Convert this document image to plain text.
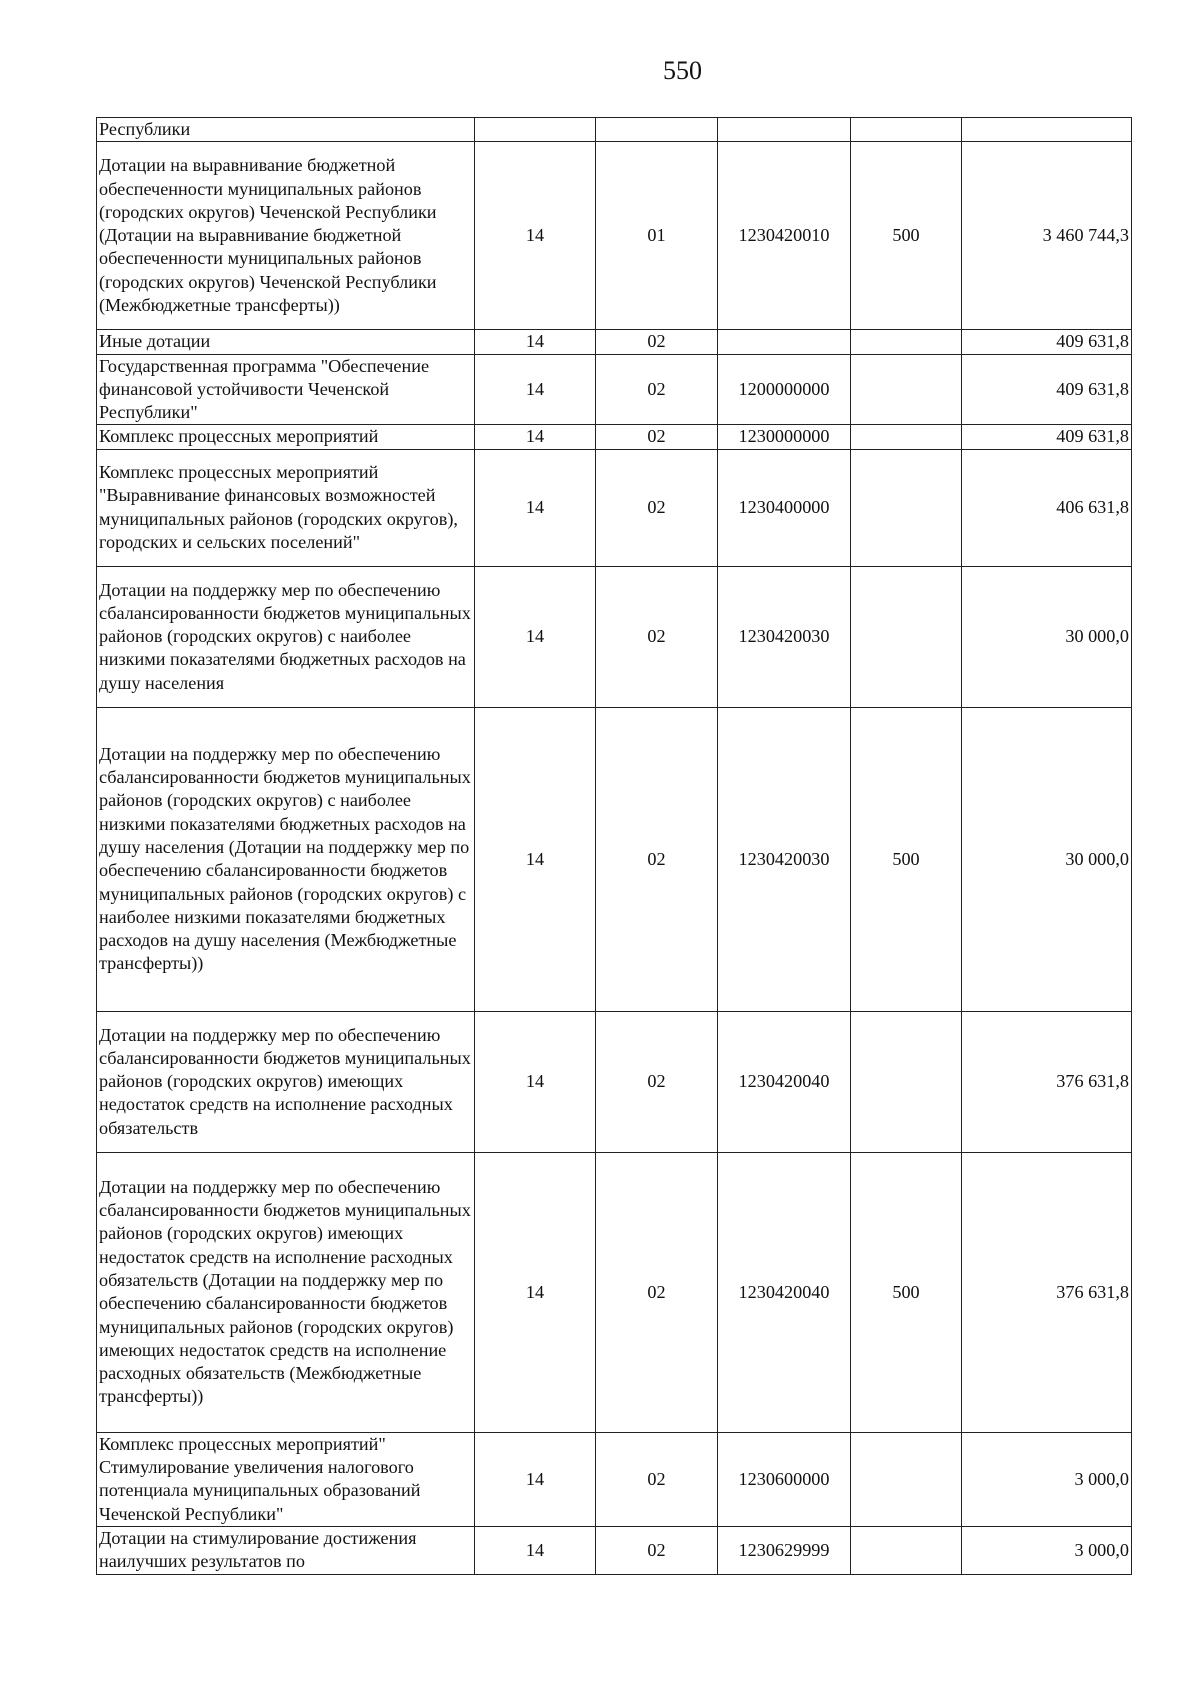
550
Республики					
Дотации на выравнивание бюджетной обеспеченности муниципальных районов (городских округов) Чеченской Республики (Дотации на выравнивание бюджетной обеспеченности муниципальных районов (городских округов) Чеченской Республики (Межбюджетные трансферты))	14	01	1230420010	500	3 460 744,3
Иные дотации	14	02			409 631,8
Государственная программа "Обеспечение финансовой устойчивости Чеченской Республики"	14	02	1200000000		409 631,8
Комплекс процессных мероприятий	14	02	1230000000		409 631,8
Комплекс процессных мероприятий "Выравнивание финансовых возможностей муниципальных районов (городских округов), городских и сельских поселений"	14	02	1230400000		406 631,8
Дотации на поддержку мер по обеспечению сбалансированности бюджетов муниципальных районов (городских округов) с наиболее низкими показателями бюджетных расходов на душу населения	14	02	1230420030		30 000,0
Дотации на поддержку мер по обеспечению сбалансированности бюджетов муниципальных районов (городских округов) с наиболее низкими показателями бюджетных расходов на душу населения (Дотации на поддержку мер по обеспечению сбалансированности бюджетов муниципальных районов (городских округов) с наиболее низкими показателями бюджетных расходов на душу населения (Межбюджетные трансферты))	14	02	1230420030	500	30 000,0
Дотации на поддержку мер по обеспечению сбалансированности бюджетов муниципальных районов (городских округов) имеющих недостаток средств на исполнение расходных обязательств	14	02	1230420040		376 631,8
Дотации на поддержку мер по обеспечению сбалансированности бюджетов муниципальных районов (городских округов) имеющих недостаток средств на исполнение расходных обязательств (Дотации на поддержку мер по обеспечению сбалансированности бюджетов муниципальных районов (городских округов) имеющих недостаток средств на исполнение расходных обязательств (Межбюджетные трансферты))	14	02	1230420040	500	376 631,8
Комплекс процессных мероприятий" Стимулирование увеличения налогового потенциала муниципальных образований Чеченской Республики"	14	02	1230600000		3 000,0
Дотации на стимулирование достижения наилучших результатов по	14	02	1230629999		3 000,0
